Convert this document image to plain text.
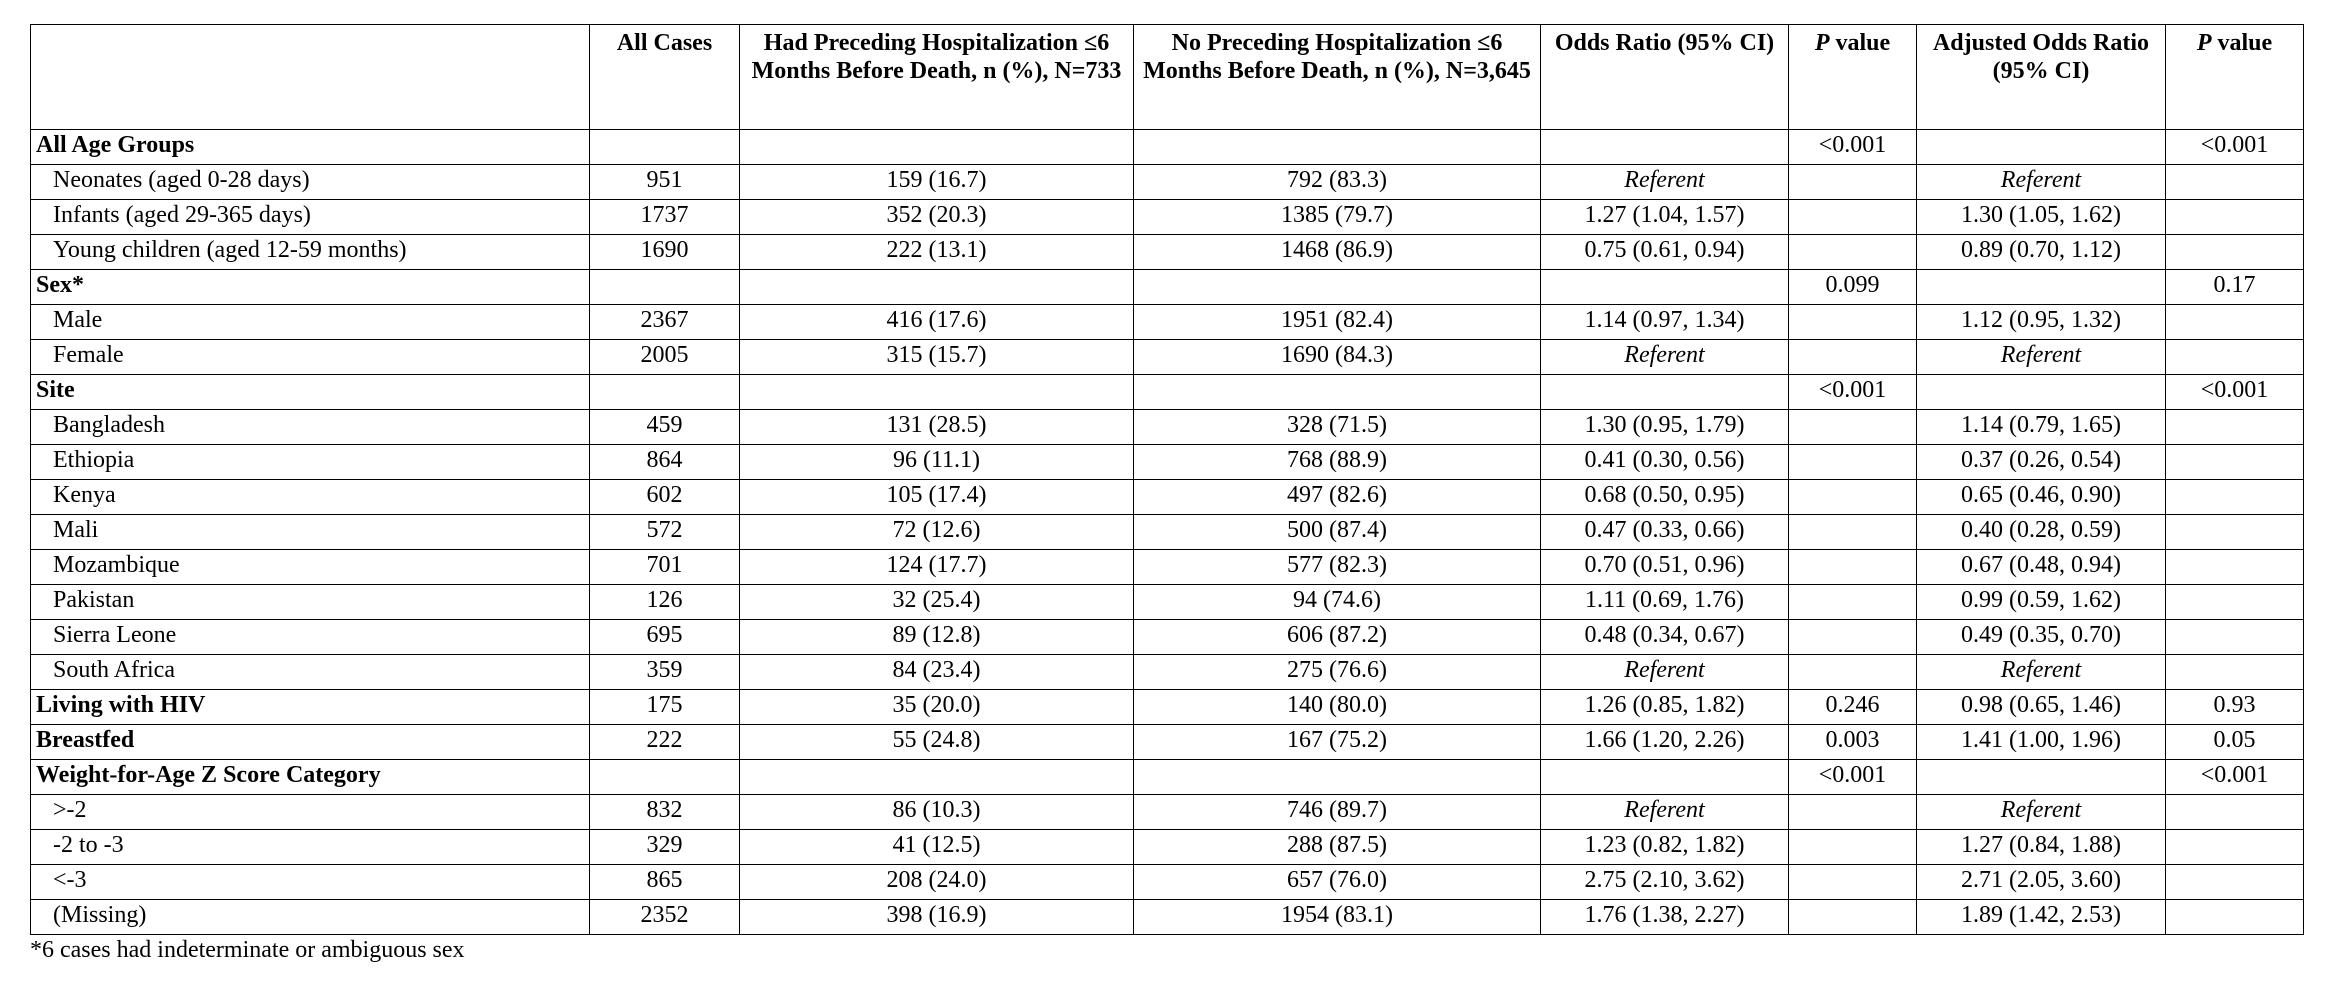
	All Cases	Had Preceding Hospitalization ≤6 Months Before Death, n (%), N=733	No Preceding Hospitalization ≤6 Months Before Death, n (%), N=3,645	Odds Ratio (95% CI)	P value	Adjusted Odds Ratio (95% CI)	P value
All Age Groups					<0.001		<0.001
Neonates (aged 0-28 days)	951	159 (16.7)	792 (83.3)	Referent		Referent	
Infants (aged 29-365 days)	1737	352 (20.3)	1385 (79.7)	1.27 (1.04, 1.57)		1.30 (1.05, 1.62)	
Young children (aged 12-59 months)	1690	222 (13.1)	1468 (86.9)	0.75 (0.61, 0.94)		0.89 (0.70, 1.12)	
Sex*					0.099		0.17
Male	2367	416 (17.6)	1951 (82.4)	1.14 (0.97, 1.34)		1.12 (0.95, 1.32)	
Female	2005	315 (15.7)	1690 (84.3)	Referent		Referent	
Site					<0.001		<0.001
Bangladesh	459	131 (28.5)	328 (71.5)	1.30 (0.95, 1.79)		1.14 (0.79, 1.65)	
Ethiopia	864	96 (11.1)	768 (88.9)	0.41 (0.30, 0.56)		0.37 (0.26, 0.54)	
Kenya	602	105 (17.4)	497 (82.6)	0.68 (0.50, 0.95)		0.65 (0.46, 0.90)	
Mali	572	72 (12.6)	500 (87.4)	0.47 (0.33, 0.66)		0.40 (0.28, 0.59)	
Mozambique	701	124 (17.7)	577 (82.3)	0.70 (0.51, 0.96)		0.67 (0.48, 0.94)	
Pakistan	126	32 (25.4)	94 (74.6)	1.11 (0.69, 1.76)		0.99 (0.59, 1.62)	
Sierra Leone	695	89 (12.8)	606 (87.2)	0.48 (0.34, 0.67)		0.49 (0.35, 0.70)	
South Africa	359	84 (23.4)	275 (76.6)	Referent		Referent	
Living with HIV	175	35 (20.0)	140 (80.0)	1.26 (0.85, 1.82)	0.246	0.98 (0.65, 1.46)	0.93
Breastfed	222	55 (24.8)	167 (75.2)	1.66 (1.20, 2.26)	0.003	1.41 (1.00, 1.96)	0.05
Weight-for-Age Z Score Category					<0.001		<0.001
>-2	832	86 (10.3)	746 (89.7)	Referent		Referent	
-2 to -3	329	41 (12.5)	288 (87.5)	1.23 (0.82, 1.82)		1.27 (0.84, 1.88)	
<-3	865	208 (24.0)	657 (76.0)	2.75 (2.10, 3.62)		2.71 (2.05, 3.60)	
(Missing)	2352	398 (16.9)	1954 (83.1)	1.76 (1.38, 2.27)		1.89 (1.42, 2.53)	
*6 cases had indeterminate or ambiguous sex
